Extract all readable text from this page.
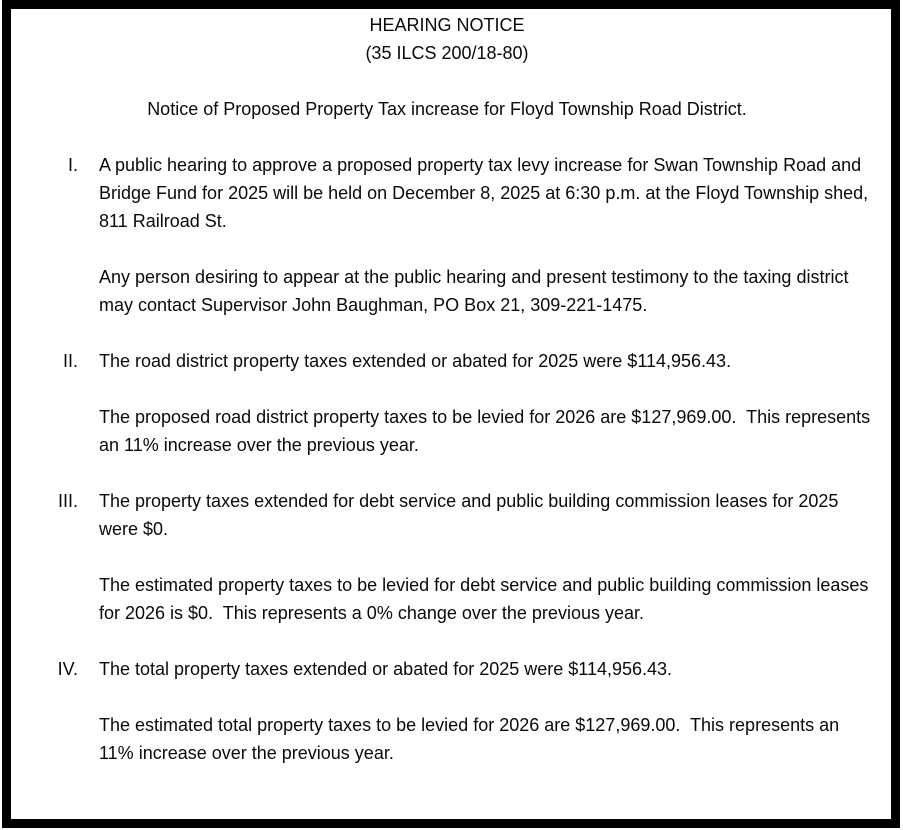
HEARING NOTICE
(35 ILCS 200/18-80)
Notice of Proposed Property Tax increase for Floyd Township Road District.
I.	A public hearing to approve a proposed property tax levy increase for Swan Township Road and Bridge Fund for 2025 will be held on December 8, 2025 at 6:30 p.m. at the Floyd Township shed, 811 Railroad St.

Any person desiring to appear at the public hearing and present testimony to the taxing district may contact Supervisor John Baughman, PO Box 21, 309-221-1475.

II.	The road district property taxes extended or abated for 2025 were $114,956.43.

The proposed road district property taxes to be levied for 2026 are $127,969.00.  This represents an 11% increase over the previous year.

III.	The property taxes extended for debt service and public building commission leases for 2025 were $0.

The estimated property taxes to be levied for debt service and public building commission leases for 2026 is $0.  This represents a 0% change over the previous year.

IV.	The total property taxes extended or abated for 2025 were $114,956.43.

The estimated total property taxes to be levied for 2026 are $127,969.00.  This represents an 11% increase over the previous year.
